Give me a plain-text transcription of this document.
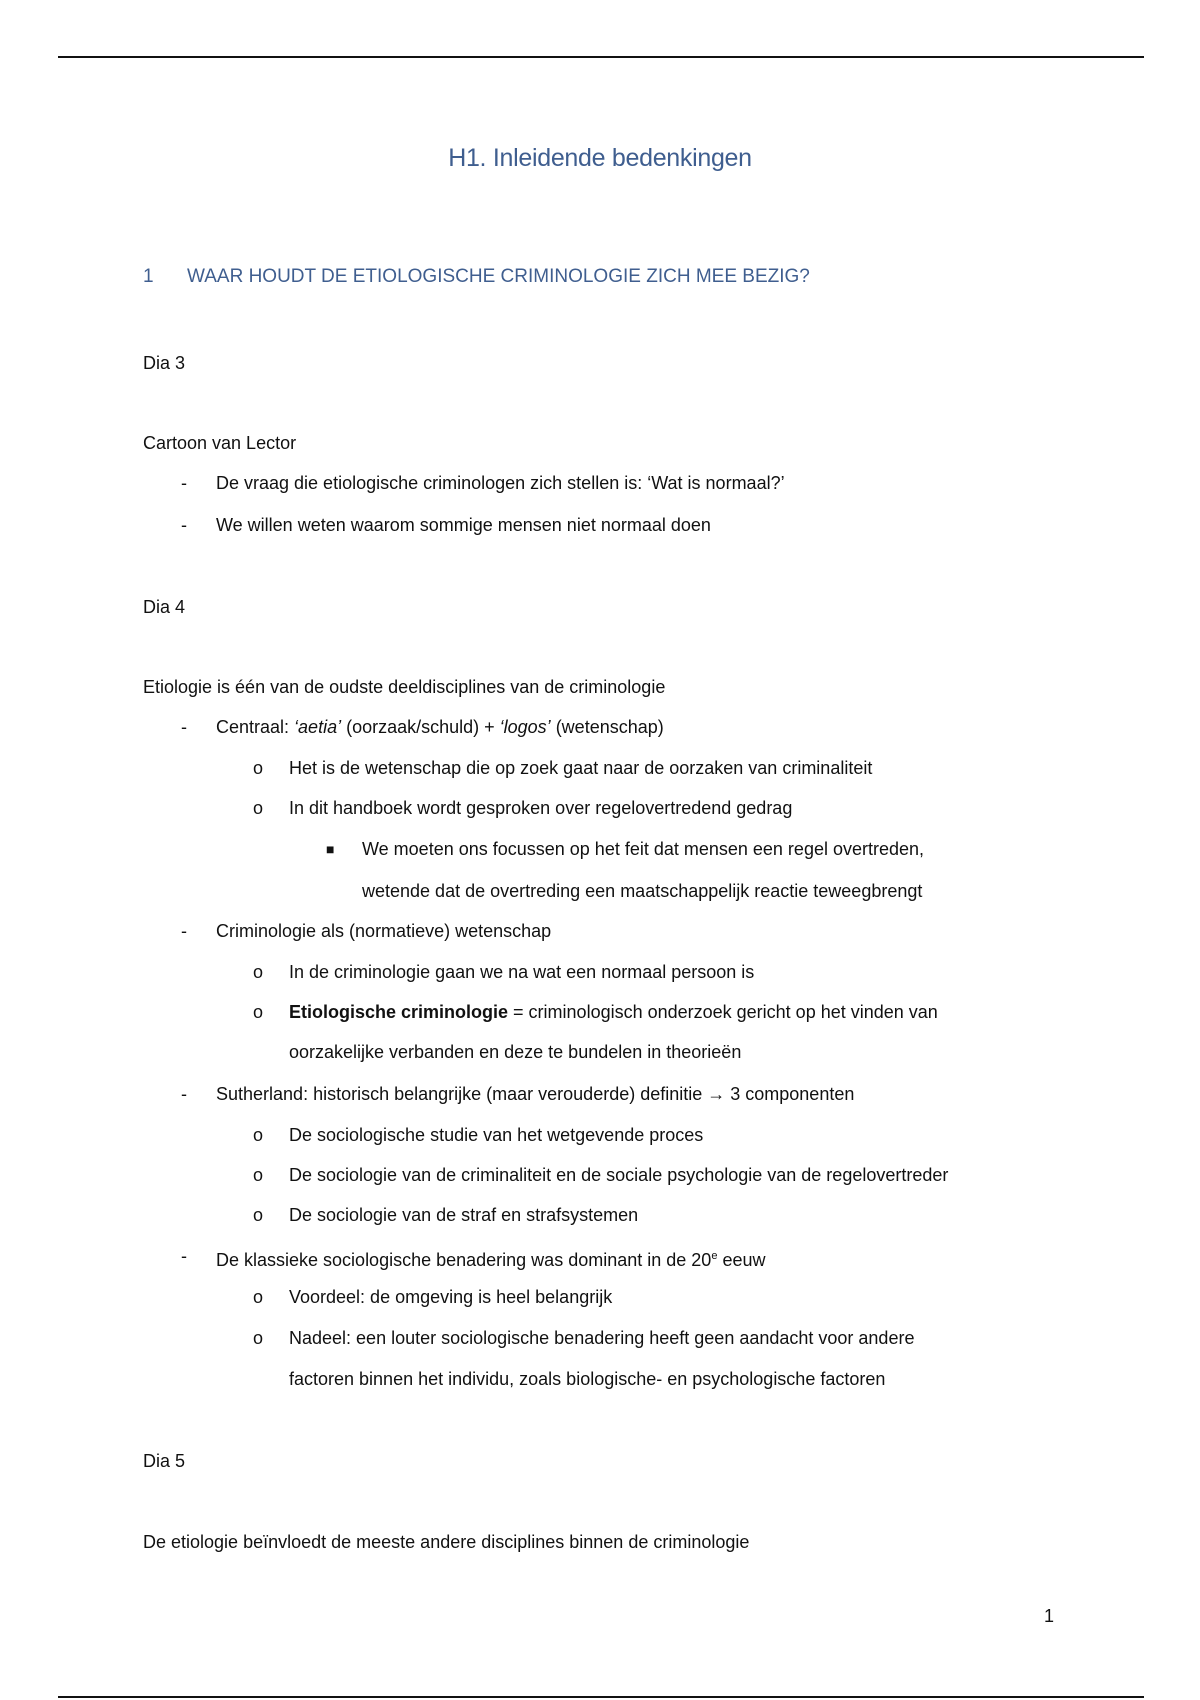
H1. Inleidende bedenkingen
1 WAAR HOUDT DE ETIOLOGISCHE CRIMINOLOGIE ZICH MEE BEZIG?
Dia 3
Cartoon van Lector
- De vraag die etiologische criminologen zich stellen is: ‘Wat is normaal?’
- We willen weten waarom sommige mensen niet normaal doen
Dia 4
Etiologie is één van de oudste deeldisciplines van de criminologie
- Centraal: ‘aetia’ (oorzaak/schuld) + ‘logos’ (wetenschap)
o Het is de wetenschap die op zoek gaat naar de oorzaken van criminaliteit
o In dit handboek wordt gesproken over regelovertredend gedrag
■ We moeten ons focussen op het feit dat mensen een regel overtreden,
wetende dat de overtreding een maatschappelijk reactie teweegbrengt
- Criminologie als (normatieve) wetenschap
o In de criminologie gaan we na wat een normaal persoon is
o Etiologische criminologie = criminologisch onderzoek gericht op het vinden van
oorzakelijke verbanden en deze te bundelen in theorieën
- Sutherland: historisch belangrijke (maar verouderde) definitie → 3 componenten
o De sociologische studie van het wetgevende proces
o De sociologie van de criminaliteit en de sociale psychologie van de regelovertreder
o De sociologie van de straf en strafsystemen
- De klassieke sociologische benadering was dominant in de 20e eeuw
o Voordeel: de omgeving is heel belangrijk
o Nadeel: een louter sociologische benadering heeft geen aandacht voor andere
factoren binnen het individu, zoals biologische- en psychologische factoren
Dia 5
De etiologie beïnvloedt de meeste andere disciplines binnen de criminologie
1
